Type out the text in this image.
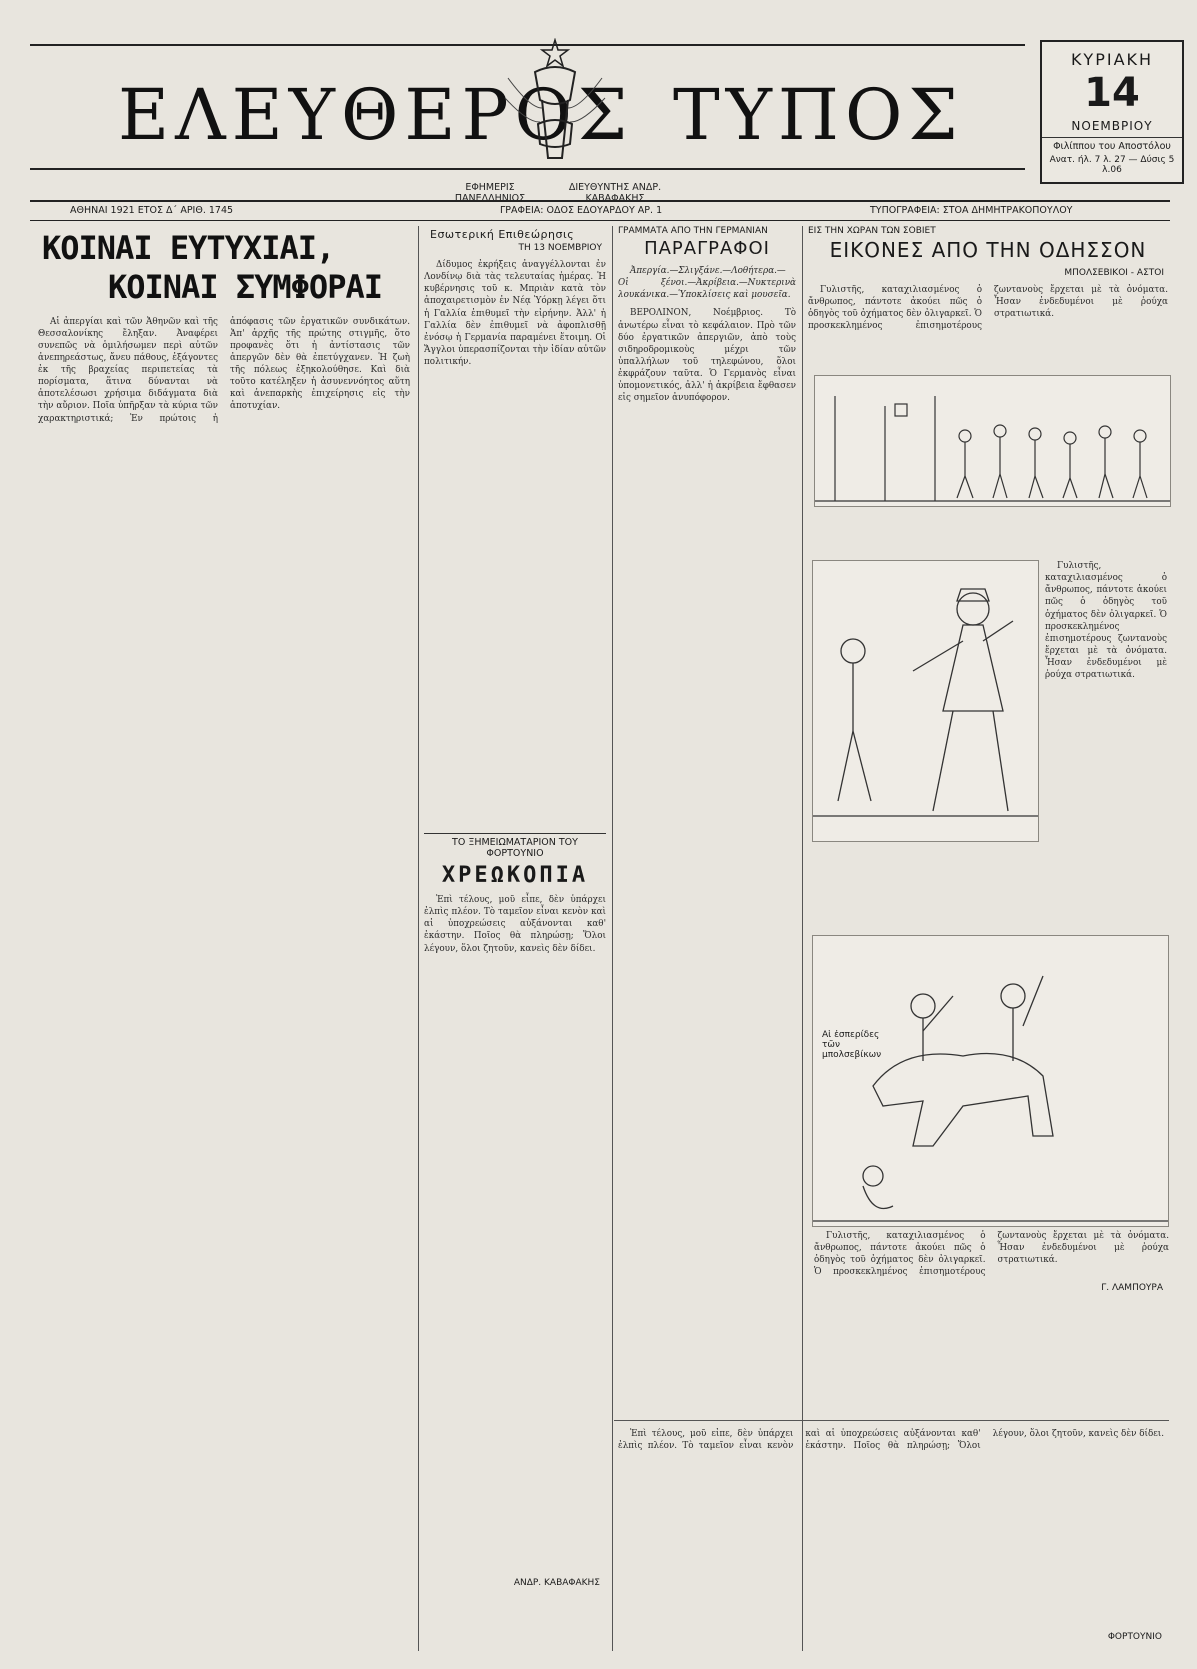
ΕΛΕΥΘΕΡΟΣ ΤΥΠΟΣ
ΕΦΗΜΕΡΙΣ ΠΑΝΕΛΛΗΝΙΟΣ
ΔΙΕΥΘΥΝΤΗΣ ΑΝΔΡ. ΚΑΒΑΦΑΚΗΣ
ΚΥΡΙΑΚΗ
14
ΝΟΕΜΒΡΙΟΥ
Φιλίππου του Αποστόλου
Ανατ. ήλ. 7 λ. 27 — Δύσις 5 λ.06
ΑΘΗΝΑΙ 1921 ΕΤΟΣ Δ΄ ΑΡΙΘ. 1745	ΓΡΑΦΕΙΑ: ΟΔΟΣ ΕΔΟΥΑΡΔΟΥ ΑΡ. 1	ΤΥΠΟΓΡΑΦΕΙΑ: ΣΤΟΑ ΔΗΜΗΤΡΑΚΟΠΟΥΛΟΥ
ΚΟΙΝΑΙ ΕΥΤΥΧΙΑΙ,
ΚΟΙΝΑΙ ΣΥΜΦΟΡΑΙ

Αἱ ἀπεργίαι καὶ τῶν Ἀθηνῶν καὶ τῆς Θεσσαλονίκης ἔληξαν. Ἀναφέρει συνεπῶς νὰ ὁμιλήσωμεν περὶ αὐτῶν ἀνεπηρεάστως, ἄνευ πάθους, ἐξάγοντες ἐκ τῆς βραχείας περιπετείας τὰ πορίσματα, ἅτινα δύνανται νὰ ἀποτελέσωσι χρήσιμα διδάγματα διὰ τὴν αὔριον. Ποῖα ὑπῆρξαν τὰ κύρια τῶν χαρακτηριστικά; Ἐν πρώτοις ἡ ἀπόφασις τῶν ἐργατικῶν συνδικάτων. Ἀπ' ἀρχῆς τῆς πρώτης στιγμῆς, ὅτο προφανὲς ὅτι ἡ ἀντίστασις τῶν ἀπεργῶν δὲν θὰ ἐπετύγχανεν. Ἡ ζωὴ τῆς πόλεως ἐξηκολούθησε. Καὶ διὰ τοῦτο κατέληξεν ἡ ἀσυνεννόητος αὕτη καὶ ἀνεπαρκὴς ἐπιχείρησις εἰς τὴν ἀποτυχίαν.

Εσωτερική Επιθεώρησις
ΤΗ 13 ΝΟΕΜΒΡΙΟΥ

Δίδυμος ἐκρήξεις ἀναγγέλλονται ἐν Λονδίνῳ διὰ τὰς τελευταίας ἡμέρας. Ἡ κυβέρνησις τοῦ κ. Μπριὰν κατὰ τὸν ἀποχαιρετισμὸν ἐν Νέᾳ Ὑόρκῃ λέγει ὅτι ἡ Γαλλία ἐπιθυμεῖ τὴν εἰρήνην. Ἀλλ' ἡ Γαλλία δὲν ἐπιθυμεῖ νὰ ἀφοπλισθῇ ἐνόσῳ ἡ Γερμανία παραμένει ἕτοιμη. Οἱ Ἄγγλοι ὑπερασπίζονται τὴν ἰδίαν αὐτῶν πολιτικήν.

ΤΟ ΞΗΜΕΙΩΜΑΤΑΡΙΟΝ ΤΟΥ ΦΟΡΤΟΥΝΙΟ
ΧΡΕΩΚΟΠΙΑ

Ἐπὶ τέλους, μοῦ εἶπε, δὲν ὑπάρχει ἐλπὶς πλέον. Τὸ ταμεῖον εἶναι κενὸν καὶ αἱ ὑποχρεώσεις αὐξάνονται καθ' ἑκάστην. Ποῖος θὰ πληρώσῃ; Ὅλοι λέγουν, ὅλοι ζητοῦν, κανεὶς δὲν δίδει.

ΑΝΔΡ. ΚΑΒΑΦΑΚΗΣ
ΓΡΑΜΜΑΤΑ ΑΠΟ ΤΗΝ ΓΕΡΜΑΝΙΑΝ
ΠΑΡΑΓΡΑΦΟΙ

Ἀπεργία.—Σλιγξάνε.—Λοθήτερα.—Οἱ ξένοι.—Ἀκρίβεια.—Νυκτερινὰ λουκάνικα.—Ὑποκλίσεις καὶ μουσεῖα.

ΒΕΡΟΛΙΝΟΝ, Νοέμβριος. Τὸ ἀνωτέρω εἶναι τὸ κεφάλαιον. Πρὸ τῶν δύο ἐργατικῶν ἀπεργιῶν, ἀπὸ τοὺς σιδηροδρομικοὺς μέχρι τῶν ὑπαλλήλων τοῦ τηλεφώνου, ὅλοι ἐκφράζουν ταῦτα. Ὁ Γερμανὸς εἶναι ὑπομονετικός, ἀλλ' ἡ ἀκρίβεια ἔφθασεν εἰς σημεῖον ἀνυπόφορον.

ΕΙΣ ΤΗΝ ΧΩΡΑΝ ΤΩΝ ΣΟΒΙΕΤ
ΕΙΚΟΝΕΣ ΑΠΟ ΤΗΝ ΟΔΗΣΣΟΝ
ΜΠΟΛΣΕΒΙΚΟΙ - ΑΣΤΟΙ

Γυλιστῆς, καταχιλιασμένος ὁ ἄνθρωπος, πάντοτε ἀκούει πῶς ὁ ὀδηγὸς τοῦ ὀχήματος δὲν ὀλιγαρκεῖ. Ὁ προσκεκλημένος ἐπισημοτέρους ζωντανοὺς ἔρχεται μὲ τὰ ὀνόματα. Ἦσαν ἐνδεδυμένοι μὲ ῥούχα στρατιωτικά.

Αἱ ἐσπερίδες τῶν μπολσεβίκων

Γυλιστῆς, καταχιλιασμένος ὁ ἄνθρωπος, πάντοτε ἀκούει πῶς ὁ ὀδηγὸς τοῦ ὀχήματος δὲν ὀλιγαρκεῖ. Ὁ προσκεκλημένος ἐπισημοτέρους ζωντανοὺς ἔρχεται μὲ τὰ ὀνόματα. Ἦσαν ἐνδεδυμένοι μὲ ῥούχα στρατιωτικά.

Γυλιστῆς, καταχιλιασμένος ὁ ἄνθρωπος, πάντοτε ἀκούει πῶς ὁ ὀδηγὸς τοῦ ὀχήματος δὲν ὀλιγαρκεῖ. Ὁ προσκεκλημένος ἐπισημοτέρους ζωντανοὺς ἔρχεται μὲ τὰ ὀνόματα. Ἦσαν ἐνδεδυμένοι μὲ ῥούχα στρατιωτικά.

Γ. ΛΑΜΠΟΥΡΑ

Ἐπὶ τέλους, μοῦ εἶπε, δὲν ὑπάρχει ἐλπὶς πλέον. Τὸ ταμεῖον εἶναι κενὸν καὶ αἱ ὑποχρεώσεις αὐξάνονται καθ' ἑκάστην. Ποῖος θὰ πληρώσῃ; Ὅλοι λέγουν, ὅλοι ζητοῦν, κανεὶς δὲν δίδει.

ΦΟΡΤΟΥΝΙΟ
